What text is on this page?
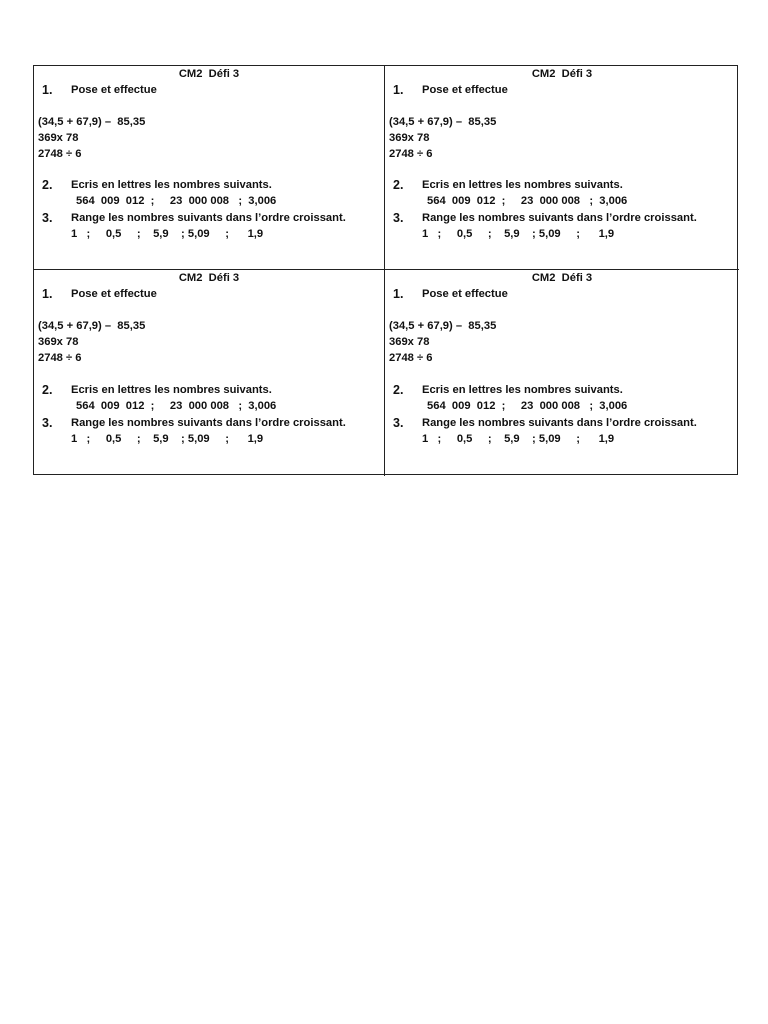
CM2  Défi 3
1. Pose et effectue
(34,5 + 67,9) –  85,35
369x 78
2748 ÷ 6
2. Ecris en lettres les nombres suivants.
564  009  012  ;     23  000 008   ;  3,006
3. Range les nombres suivants dans l’ordre croissant.
1   ;     0,5     ;    5,9    ; 5,09     ;      1,9
CM2  Défi 3
1. Pose et effectue
(34,5 + 67,9) –  85,35
369x 78
2748 ÷ 6
2. Ecris en lettres les nombres suivants.
564  009  012  ;     23  000 008   ;  3,006
3. Range les nombres suivants dans l’ordre croissant.
1   ;     0,5     ;    5,9    ; 5,09     ;      1,9
CM2  Défi 3
1. Pose et effectue
(34,5 + 67,9) –  85,35
369x 78
2748 ÷ 6
2. Ecris en lettres les nombres suivants.
564  009  012  ;     23  000 008   ;  3,006
3. Range les nombres suivants dans l’ordre croissant.
1   ;     0,5     ;    5,9    ; 5,09     ;      1,9
CM2  Défi 3
1. Pose et effectue
(34,5 + 67,9) –  85,35
369x 78
2748 ÷ 6
2. Ecris en lettres les nombres suivants.
564  009  012  ;     23  000 008   ;  3,006
3. Range les nombres suivants dans l’ordre croissant.
1   ;     0,5     ;    5,9    ; 5,09     ;      1,9
